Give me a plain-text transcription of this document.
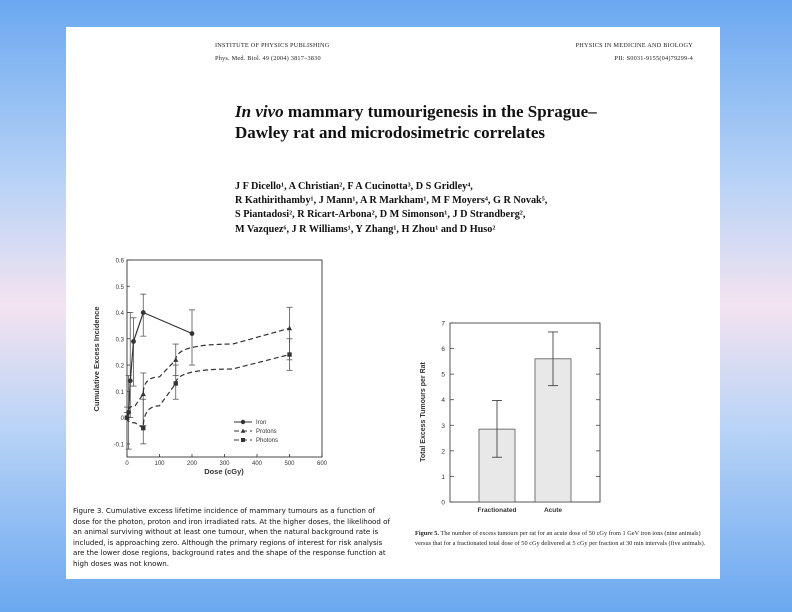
INSTITUTE OF PHYSICS PUBLISHING	PHYSICS IN MEDICINE AND BIOLOGY
Phys. Med. Biol. 49 (2004) 3817–3830	PII: S0031-9155(04)79299-4
In vivo mammary tumourigenesis in the Sprague–Dawley rat and microdosimetric correlates
J F Dicello¹, A Christian², F A Cucinotta³, D S Gridley⁴,
R Kathirithamby¹, J Mann¹, A R Markham¹, M F Moyers⁴, G R Novak⁵,
S Piantadosi², R Ricart-Arbona², D M Simonson¹, J D Strandberg²,
M Vazquez⁶, J R Williams¹, Y Zhang¹, H Zhou¹ and D Huso²
-0.1
0
0.1
0.2
0.3
0.4
0.5
0.6
0	100	200	300	400	500	600
Iron
Protons
Photons
Dose (cGy)
Cumulative Excess Incidence
0
1
2
3
4
5
6
7
Fractionated	Acute
Total Excess Tumours per Rat
Figure 3. Cumulative excess lifetime incidence of mammary tumours as a function of dose for the photon, proton and iron irradiated rats. At the higher doses, the likelihood of an animal surviving without at least one tumour, when the natural background rate is included, is approaching zero. Although the primary regions of interest for risk analysis are the lower dose regions, background rates and the shape of the response function at high doses was not known.
Figure 5. The number of excess tumours per rat for an acute dose of 50 cGy from 1 GeV iron ions (nine animals) versus that for a fractionated total dose of 50 cGy delivered at 5 cGy per fraction at 30 min intervals (five animals).
